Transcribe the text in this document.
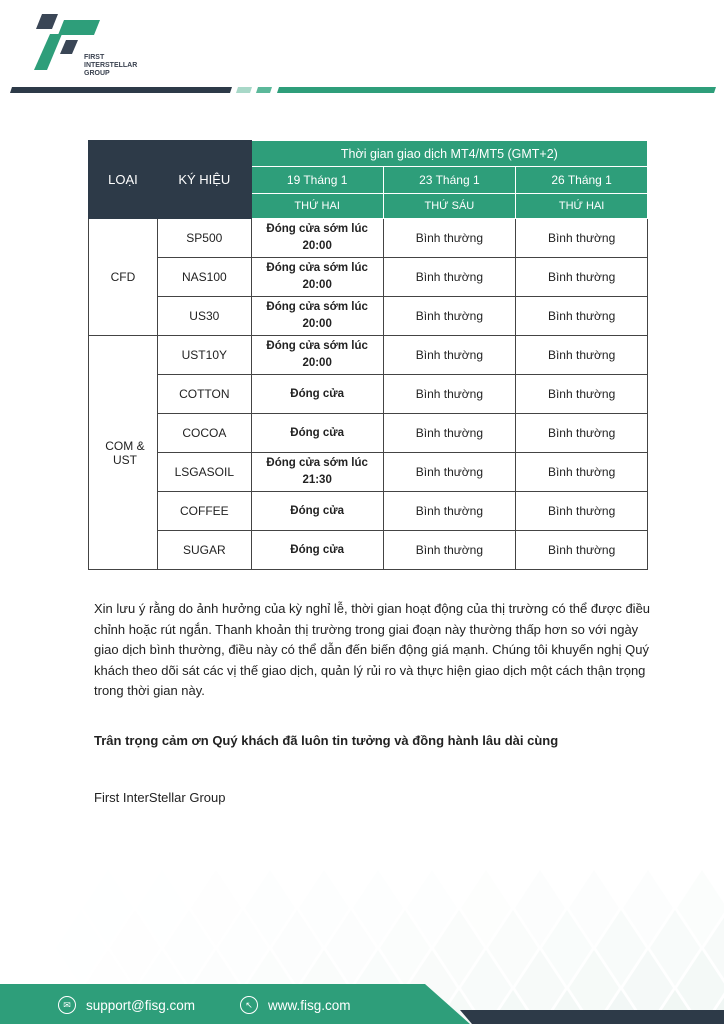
FIRST
INTERSTELLAR
GROUP
LOẠI	KÝ HIỆU	Thời gian giao dịch MT4/MT5 (GMT+2)		
		19 Tháng 1	23 Tháng 1	26 Tháng 1
		THỨ HAI	THỨ SÁU	THỨ HAI
CFD	SP500	Đóng cửa sớm lúc 20:00	Bình thường	Bình thường
	NAS100	Đóng cửa sớm lúc 20:00	Bình thường	Bình thường
	US30	Đóng cửa sớm lúc 20:00	Bình thường	Bình thường
COM & UST	UST10Y	Đóng cửa sớm lúc 20:00	Bình thường	Bình thường
	COTTON	Đóng cửa	Bình thường	Bình thường
	COCOA	Đóng cửa	Bình thường	Bình thường
	LSGASOIL	Đóng cửa sớm lúc 21:30	Bình thường	Bình thường
	COFFEE	Đóng cửa	Bình thường	Bình thường
	SUGAR	Đóng cửa	Bình thường	Bình thường

Xin lưu ý rằng do ảnh hưởng của kỳ nghỉ lễ, thời gian hoạt động của thị trường có thể được điều chỉnh hoặc rút ngắn. Thanh khoản thị trường trong giai đoạn này thường thấp hơn so với ngày giao dịch bình thường, điều này có thể dẫn đến biến động giá mạnh. Chúng tôi khuyến nghị Quý khách theo dõi sát các vị thế giao dịch, quản lý rủi ro và thực hiện giao dịch một cách thận trọng trong thời gian này.

Trân trọng cảm ơn Quý khách đã luôn tin tưởng và đồng hành lâu dài cùng

First InterStellar Group

✉	support@fisg.com	↖	www.fisg.com
